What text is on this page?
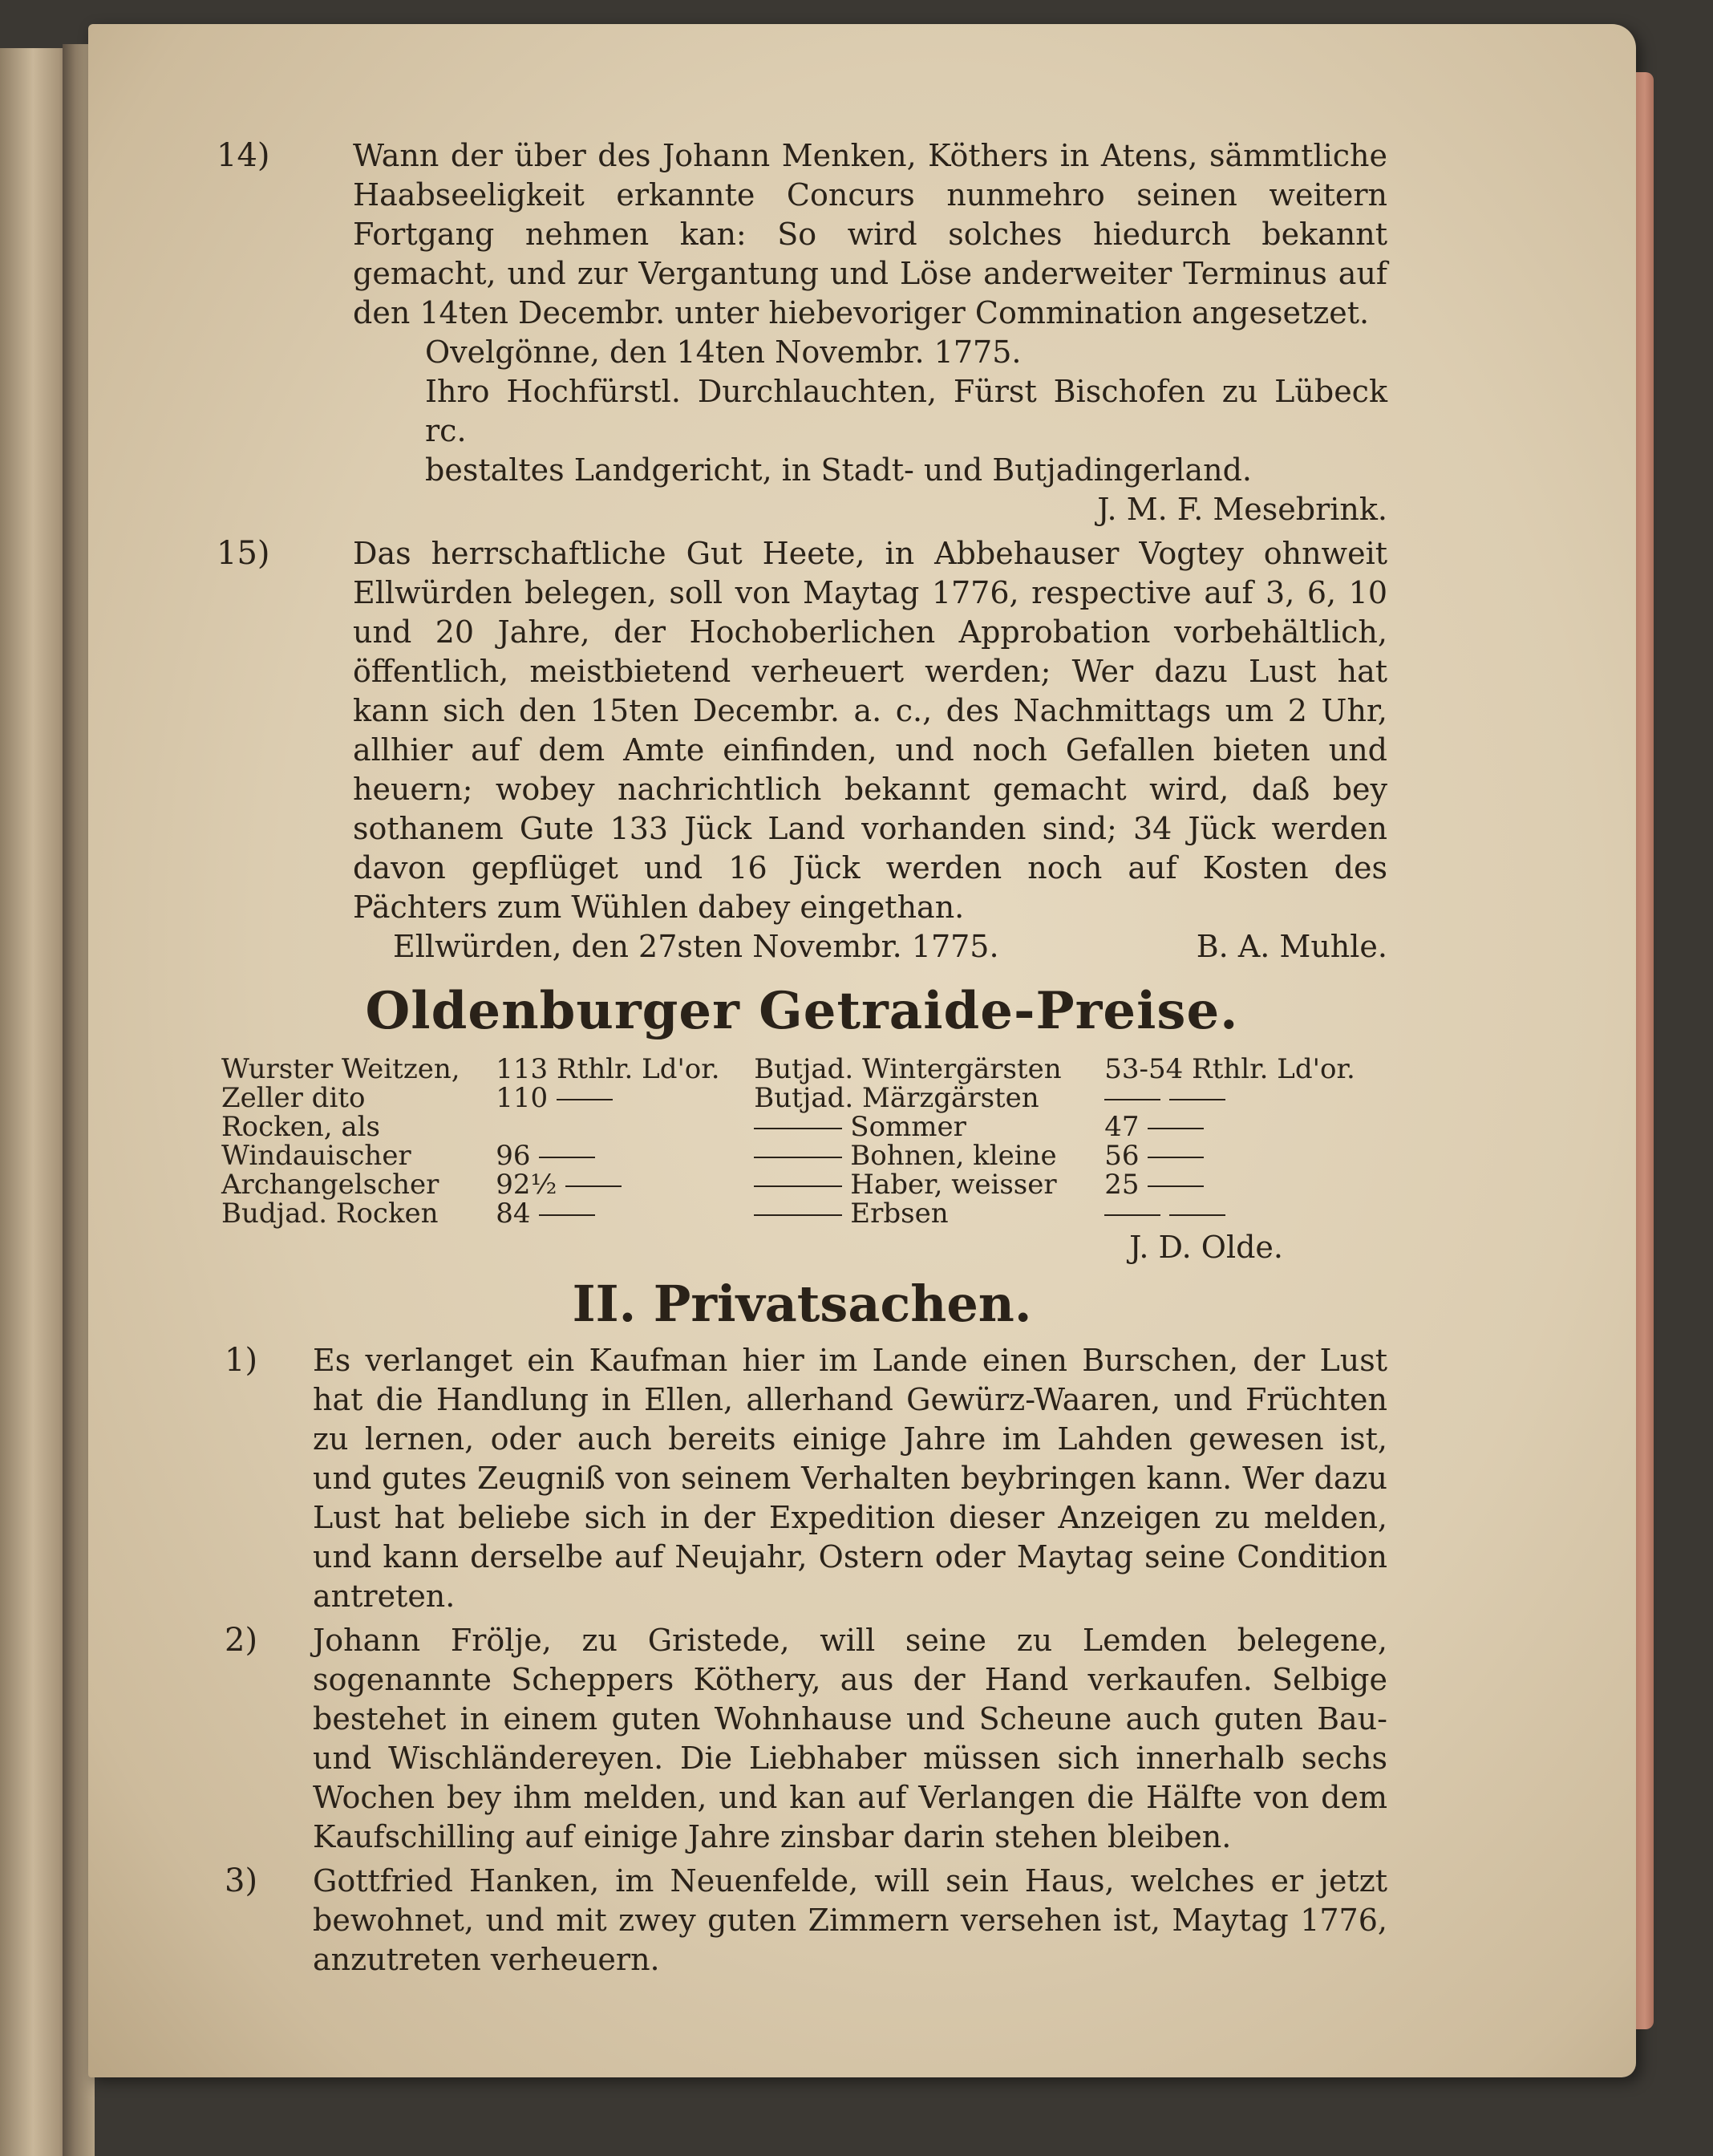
14)	Wann der über des Johann Menken, Köthers in Atens, sämmtliche Haabseeligkeit erkannte Concurs nunmehro seinen weitern Fortgang nehmen kan: So wird solches hiedurch bekannt gemacht, und zur Vergantung und Löse anderweiter Terminus auf den 14ten Decembr. unter hiebevoriger Commination angesetzet.

Ovelgönne, den 14ten Novembr. 1775.

Ihro Hochfürstl. Durchlauchten, Fürst Bischofen zu Lübeck rc.

bestaltes Landgericht, in Stadt- und Butjadingerland.

J. M. F. Mesebrink.

15)	Das herrschaftliche Gut Heete, in Abbehauser Vogtey ohnweit Ellwürden belegen, soll von Maytag 1776, respective auf 3, 6, 10 und 20 Jahre, der Hochoberlichen Approbation vorbehältlich, öffentlich, meistbietend verheuert werden; Wer dazu Lust hat kann sich den 15ten Decembr. a. c., des Nachmittags um 2 Uhr, allhier auf dem Amte einfinden, und noch Gefallen bieten und heuern; wobey nachrichtlich bekannt gemacht wird, daß bey sothanem Gute 133 Jück Land vorhanden sind; 34 Jück werden davon gepflüget und 16 Jück werden noch auf Kosten des Pächters zum Wühlen dabey eingethan.

Ellwürden, den 27sten Novembr. 1775.	B. A. Muhle.
Oldenburger Getraide-Preise.
Wurster Weitzen,	113 Rthlr. Ld'or.	Butjad. Wintergärsten	53-54 Rthlr. Ld'or.
Zeller dito	110	Butjad. Märzgärsten	
Rocken, als		Sommer	47
Windauischer	96	Bohnen, kleine	56
Archangelscher	92½	Haber, weisser	25
Budjad. Rocken	84	Erbsen	

J. D. Olde.

II. Privatsachen.
1)	Es verlanget ein Kaufman hier im Lande einen Burschen, der Lust hat die Handlung in Ellen, allerhand Gewürz-Waaren, und Früchten zu lernen, oder auch bereits einige Jahre im Lahden gewesen ist, und gutes Zeugniß von seinem Verhalten beybringen kann. Wer dazu Lust hat beliebe sich in der Expedition dieser Anzeigen zu melden, und kann derselbe auf Neujahr, Ostern oder Maytag seine Condition antreten.

2)	Johann Frölje, zu Gristede, will seine zu Lemden belegene, sogenannte Scheppers Köthery, aus der Hand verkaufen. Selbige bestehet in einem guten Wohnhause und Scheune auch guten Bau- und Wischländereyen. Die Liebhaber müssen sich innerhalb sechs Wochen bey ihm melden, und kan auf Verlangen die Hälfte von dem Kaufschilling auf einige Jahre zinsbar darin stehen bleiben.

3)	Gottfried Hanken, im Neuenfelde, will sein Haus, welches er jetzt bewohnet, und mit zwey guten Zimmern versehen ist, Maytag 1776, anzutreten verheuern.
